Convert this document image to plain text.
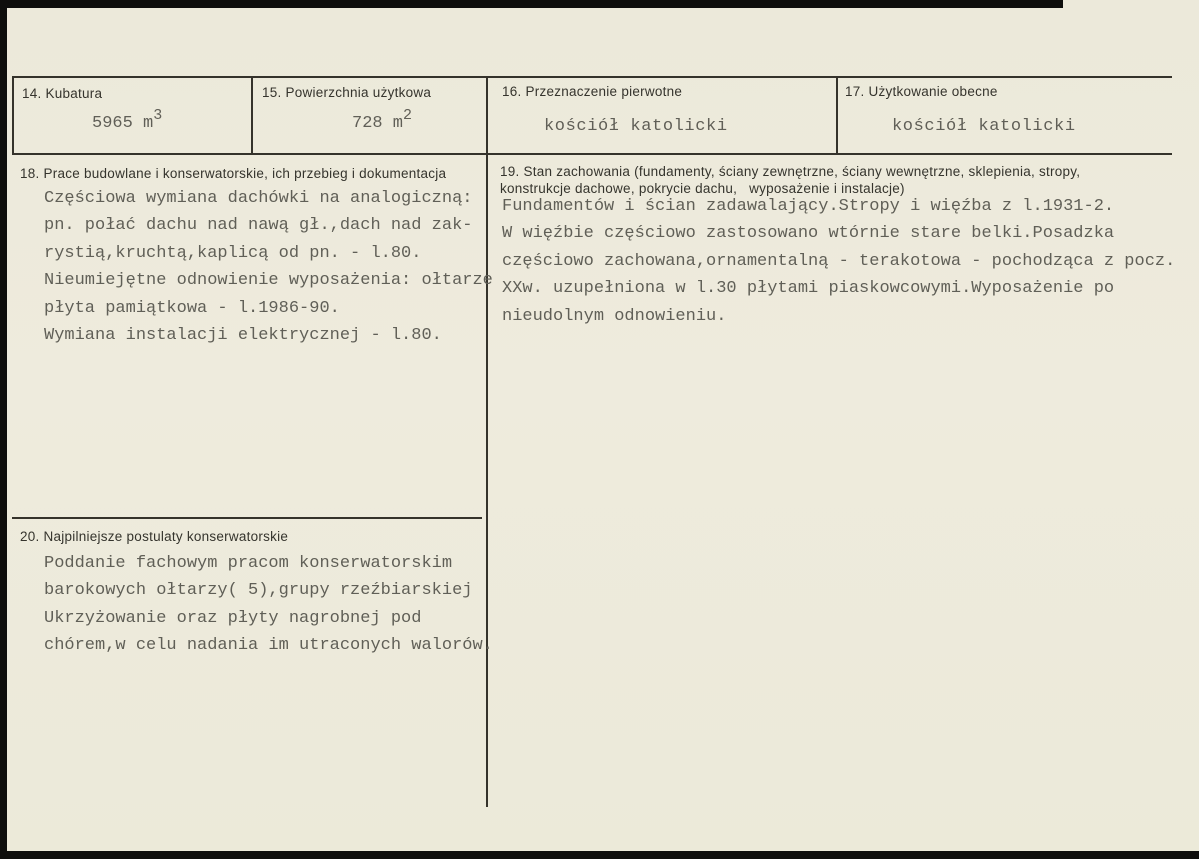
14. Kubatura
5965 m3
15. Powierzchnia użytkowa
728 m2
16. Przeznaczenie pierwotne
kościół katolicki
17. Użytkowanie obecne
kościół katolicki
18. Prace budowlane i konserwatorskie, ich przebieg i dokumentacja
Częściowa wymiana dachówki na analogiczną:
pn. połać dachu nad nawą gł.,dach nad zak-
rystią,kruchtą,kaplicą od pn. - l.80.
Nieumiejętne odnowienie wyposażenia: ołtarze
płyta pamiątkowa - l.1986-90.
Wymiana instalacji elektrycznej - l.80.
19. Stan zachowania (fundamenty, ściany zewnętrzne, ściany wewnętrzne, sklepienia, stropy,
konstrukcje dachowe, pokrycie dachu,   wyposażenie i instalacje)
Fundamentów i ścian zadawalający.Stropy i więźba z l.1931-2.
W więźbie częściowo zastosowano wtórnie stare belki.Posadzka
częściowo zachowana,ornamentalną - terakotowa - pochodząca z pocz.
XXw. uzupełniona w l.30 płytami piaskowcowymi.Wyposażenie po
nieudolnym odnowieniu.
20. Najpilniejsze postulaty konserwatorskie
Poddanie fachowym pracom konserwatorskim
barokowych ołtarzy( 5),grupy rzeźbiarskiej
Ukrzyżowanie oraz płyty nagrobnej pod
chórem,w celu nadania im utraconych walorów.
